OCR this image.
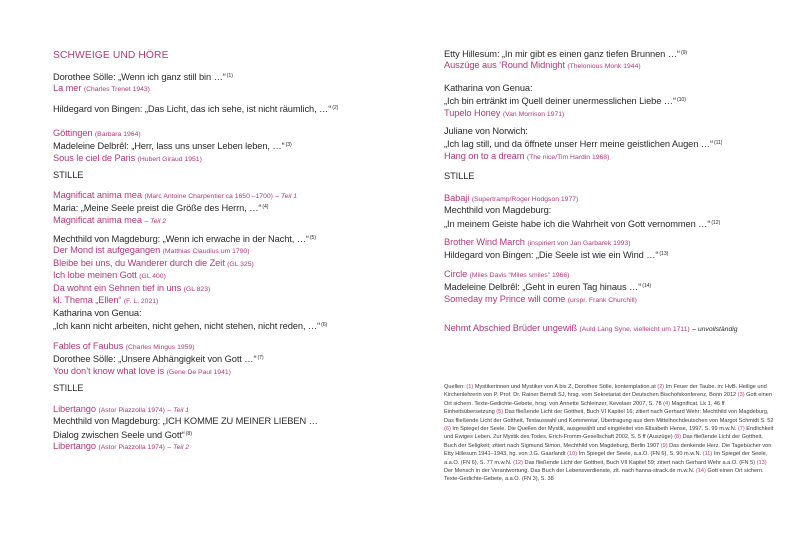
SCHWEIGE UND HÖRE
Dorothee Sölle: „Wenn ich ganz still bin …“$^{(1)}$
La mer (Charles Trenet 1943)
Hildegard von Bingen: „Das Licht, das ich sehe, ist nicht räumlich, …“$^{(2)}$
Göttingen (Barbara 1964)
Madeleine Delbrêl: „Herr, lass uns unser Leben leben, …“$^{(3)}$
Sous le ciel de Paris (Hubert Giraud 1951)
STILLE
Magnificat anima mea (Marc Antoine Charpentier ca 1650 –1700) – Teil 1
Maria: „Meine Seele preist die Größe des Herrn, …“$^{(4)}$
Magnificat anima mea – Teil 2
Mechthild von Magdeburg: „Wenn ich erwache in der Nacht, …“$^{(5)}$
Der Mond ist aufgegangen (Matthias Claudius um 1790)
Bleibe bei uns, du Wanderer durch die Zeit (GL 325)
Ich lobe meinen Gott (GL 400)
Da wohnt ein Sehnen tief in uns (GL 823)
kl. Thema „Ellen“ (F. L. 2021)
Katharina von Genua:
„Ich kann nicht arbeiten, nicht gehen, nicht stehen, nicht reden, …“$^{(6)}$
Fables of Faubus (Charles Mingus 1959)
Dorothee Sölle: „Unsere Abhängigkeit von Gott …“$^{(7)}$
You don’t know what love is (Gene De Paul 1941)
STILLE
Libertango (Astor Piazzolla 1974) – Teil 1
Mechthild von Magdeburg: „ICH KOMME ZU MEINER LIEBEN …
Dialog zwischen Seele und Gott“$^{(8)}$
Libertango (Astor Piazzolla 1974) – Teil 2
Etty Hillesum: „In mir gibt es einen ganz tiefen Brunnen …“$^{(9)}$
Auszüge aus ‘Round Midnight (Thelonious Monk 1944)
Katharina von Genua:
„Ich bin ertränkt im Quell deiner unermesslichen Liebe …“$^{(10)}$
Tupelo Honey (Van Morrison 1971)
Juliane von Norwich:
„Ich lag still, und da öffnete unser Herr meine geistlichen Augen …“$^{(11)}$
Hang on to a dream (The nice/Tim Hardin 1968)
STILLE
Babaji (Supertramp/Roger Hodgson 1977)
Mechthild von Magdeburg:
„In meinem Geiste habe ich die Wahrheit von Gott vernommen …“$^{(12)}$
Brother Wind March (inspiriert von Jan Garbarek 1993)
Hildegard von Bingen: „Die Seele ist wie ein Wind …“$^{(13)}$
Circle (Miles Davis “Miles smiles” 1966)
Madeleine Delbrêl: „Geht in euren Tag hinaus …“$^{(14)}$
Someday my Prince will come (urspr. Frank Churchill)
Nehmt Abschied Brüder ungewiß (Auld Lang Syne, vielleicht um 1711) – unvollständig
Quellen: (1) Mystikerinnen und Mystiker von A bis Z, Dorothee Sölle, kontemplation.at (2) Im Feuer der Taube. in: HvB. Heilige und Kirchenlehrerin von P. Prof. Dr. Rainer Berndt SJ, hrsg. vom Sekretariat der Deutschen Bischofskonferenz, Bonn 2012 (3) Gott einen Ort sichern. Texte-Gedichte-Gebete, hrsg. von Annette Schleinzer, Kevelaer 2007, S. 78 (4) Magnificat, Lk 1, 46 ff Einheitsübersetzung (5) Das fließende Licht der Gottheit, Buch VI Kapitel 16; zitiert nach Gerhard Wehr: Mechthild von Magdeburg, Das fließende Licht der Gottheit, Textauswahl und Kommentar, Übertragung aus dem Mittelhochdeutschen von Margot Schmidt S. 52 (6) Im Spiegel der Seele. Die Quellen der Mystik, ausgewählt und eingeleitet von Elisabeth Hense, 1997, S. 99 m.w.N. (7) Endlichkeit und Ewiges Leben. Zur Mystik des Todes, Erich-Fromm-Gesellschaft 2002, S. 5 ff (Auszüge) (8) Das fließende Licht der Gottheit, Buch der Seligkeit; zitiert nach Sigmund Simon, Mechthild von Magdeburg, Berlin 1907 (9) Das denkende Herz. Die Tagebücher von Etty Hillesum 1941–1943, hg. von J.G. Gaarlandt (10) Im Spiegel der Seele, a.a.O. (FN 6), S. 90 m.w.N. (11) Im Spiegel der Seele, a.a.O. (FN 6), S. 77 m.w.N. (12) Das fließende Licht der Gottheit, Buch VII Kapitel 59; zitiert nach Gerhard Wehr a.a.O. (FN 5) (13) Der Mensch in der Verantwortung. Das Buch der Lebensverdienste, zit. nach hanna-strack.de m.w.N. (14) Gott einen Ort sichern. Texte-Gedichte-Gebete, a.a.O. (FN 3), S. 38
